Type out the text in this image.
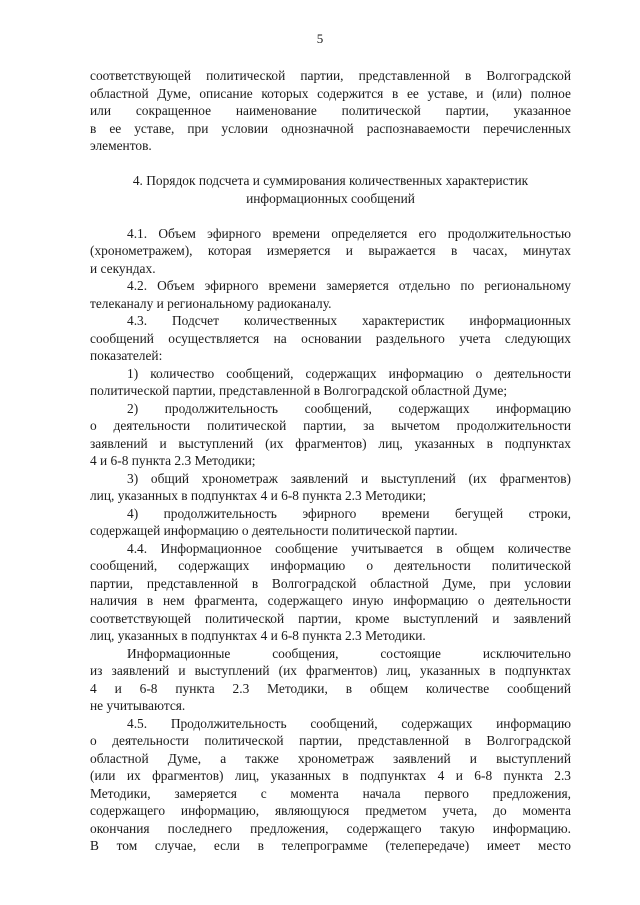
5
соответствующей политической партии, представленной в Волгоградской
областной Думе, описание которых содержится в ее уставе, и (или) полное
или сокращенное наименование политической партии, указанное
в ее уставе, при условии однозначной распознаваемости перечисленных
элементов.
4. Порядок подсчета и суммирования количественных характеристик
информационных сообщений
4.1. Объем эфирного времени определяется его продолжительностью
(хронометражем), которая измеряется и выражается в часах, минутах
и секундах.
4.2. Объем эфирного времени замеряется отдельно по региональному
телеканалу и региональному радиоканалу.
4.3. Подсчет количественных характеристик информационных
сообщений осуществляется на основании раздельного учета следующих
показателей:
1) количество сообщений, содержащих информацию о деятельности
политической партии, представленной в Волгоградской областной Думе;
2) продолжительность сообщений, содержащих информацию
о деятельности политической партии, за вычетом продолжительности
заявлений и выступлений (их фрагментов) лиц, указанных в подпунктах
4 и 6-8 пункта 2.3 Методики;
3) общий хронометраж заявлений и выступлений (их фрагментов)
лиц, указанных в подпунктах 4 и 6-8 пункта 2.3 Методики;
4) продолжительность эфирного времени бегущей строки,
содержащей информацию о деятельности политической партии.
4.4. Информационное сообщение учитывается в общем количестве
сообщений, содержащих информацию о деятельности политической
партии, представленной в Волгоградской областной Думе, при условии
наличия в нем фрагмента, содержащего иную информацию о деятельности
соответствующей политической партии, кроме выступлений и заявлений
лиц, указанных в подпунктах 4 и 6-8 пункта 2.3 Методики.
Информационные сообщения, состоящие исключительно
из заявлений и выступлений (их фрагментов) лиц, указанных в подпунктах
4 и 6-8 пункта 2.3 Методики, в общем количестве сообщений
не учитываются.
4.5. Продолжительность сообщений, содержащих информацию
о деятельности политической партии, представленной в Волгоградской
областной Думе, а также хронометраж заявлений и выступлений
(или их фрагментов) лиц, указанных в подпунктах 4 и 6-8 пункта 2.3
Методики, замеряется с момента начала первого предложения,
содержащего информацию, являющуюся предметом учета, до момента
окончания последнего предложения, содержащего такую информацию.
В том случае, если в телепрограмме (телепередаче) имеет место
